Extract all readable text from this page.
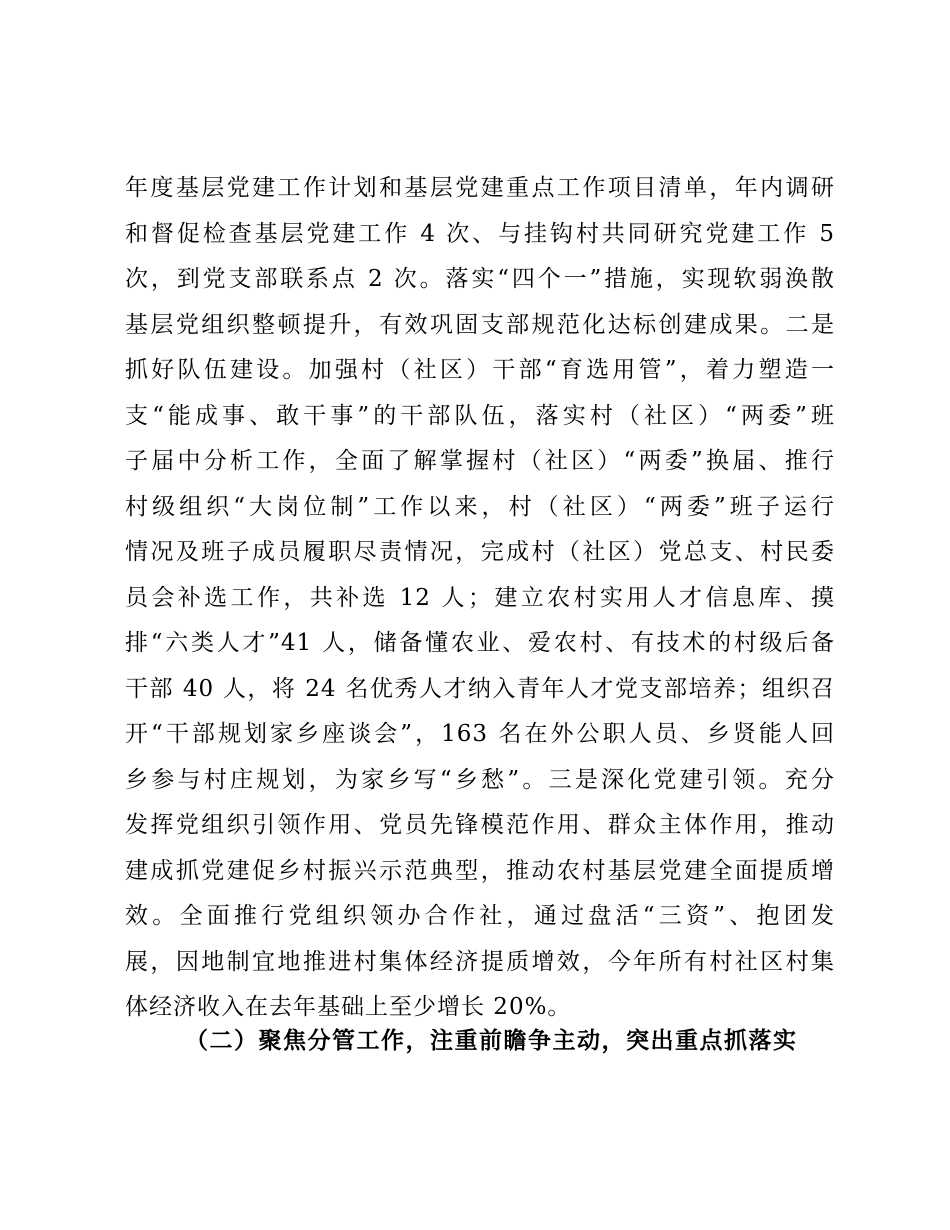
年度基层党建工作计划和基层党建重点工作项目清单，年内调研
和督促检查基层党建工作 4 次、与挂钩村共同研究党建工作 5
次，到党支部联系点 2 次。落实“四个一”措施，实现软弱涣散
基层党组织整顿提升，有效巩固支部规范化达标创建成果。二是
抓好队伍建设。加强村（社区）干部“育选用管”，着力塑造一
支“能成事、敢干事”的干部队伍，落实村（社区）“两委”班
子届中分析工作，全面了解掌握村（社区）“两委”换届、推行
村级组织“大岗位制”工作以来，村（社区）“两委”班子运行
情况及班子成员履职尽责情况，完成村（社区）党总支、村民委
员会补选工作，共补选 12 人；建立农村实用人才信息库、摸
排“六类人才”41 人，储备懂农业、爱农村、有技术的村级后备
干部 40 人，将 24 名优秀人才纳入青年人才党支部培养；组织召
开“干部规划家乡座谈会”，163 名在外公职人员、乡贤能人回
乡参与村庄规划，为家乡写“乡愁”。三是深化党建引领。充分
发挥党组织引领作用、党员先锋模范作用、群众主体作用，推动
建成抓党建促乡村振兴示范典型，推动农村基层党建全面提质增
效。全面推行党组织领办合作社，通过盘活“三资”、抱团发
展，因地制宜地推进村集体经济提质增效，今年所有村社区村集
体经济收入在去年基础上至少增长 20%。
（二）聚焦分管工作，注重前瞻争主动，突出重点抓落实
